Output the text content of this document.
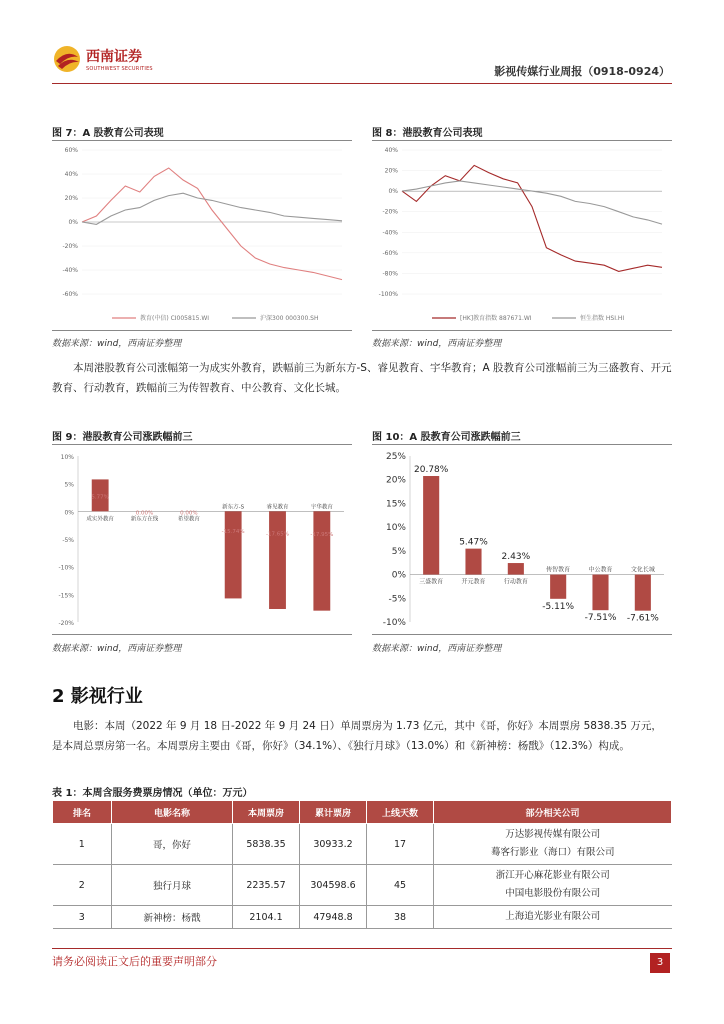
西南证券
SOUTHWEST SECURITIES	影视传媒行业周报（0918-0924）
图 7：A 股教育公司表现
60%
40%
20%
0%
-20%
-40%
-60%
教育(中信) CI005815.WI	沪深300 000300.SH
数据来源：wind，西南证券整理
图 8：港股教育公司表现
40%
20%
0%
-20%
-40%
-60%
-80%
-100%
[HK]教育指数 887671.WI	恒生指数 HSI.HI
数据来源：wind，西南证券整理
本周港股教育公司涨幅第一为成实外教育，跌幅前三为新东方-S、睿见教育、宇华教育；A 股教育公司涨幅前三为三盛教育、开元教育、行动教育，跌幅前三为传智教育、中公教育、文化长城。
图 9：港股教育公司涨跌幅前三
10%
5%
0%
-5%
-10%
-15%
-20%
成实外教育
5.77%
新东方在线
0.00%
希望教育
0.00%
新东方-S
-15.74%
睿见教育
-17.65%
宇华教育
-17.95%
数据来源：wind，西南证券整理
图 10：A 股教育公司涨跌幅前三
25%
20%
15%
10%
5%
0%
-5%
-10%
三盛教育
20.78%
开元教育
5.47%
行动教育
2.43%
传智教育
-5.11%
中公教育
-7.51%
文化长城
-7.61%
数据来源：wind，西南证券整理
2 影视行业
电影：本周（2022 年 9 月 18 日-2022 年 9 月 24 日）单周票房为 1.73 亿元，其中《哥，你好》本周票房 5838.35 万元，是本周总票房第一名。本周票房主要由《哥，你好》（34.1%）、《独行月球》（13.0%）和《新神榜：杨戬》（12.3%）构成。
表 1：本周含服务费票房情况（单位：万元）
排名	电影名称	本周票房	累计票房	上线天数	部分相关公司
1	哥，你好	5838.35	30933.2	17	万达影视传媒有限公司
蓦客行影业（海口）有限公司

2	独行月球	2235.57	304598.6	45	浙江开心麻花影业有限公司
中国电影股份有限公司

3	新神榜：杨戬	2104.1	47948.8	38	上海追光影业有限公司
请务必阅读正文后的重要声明部分	3
